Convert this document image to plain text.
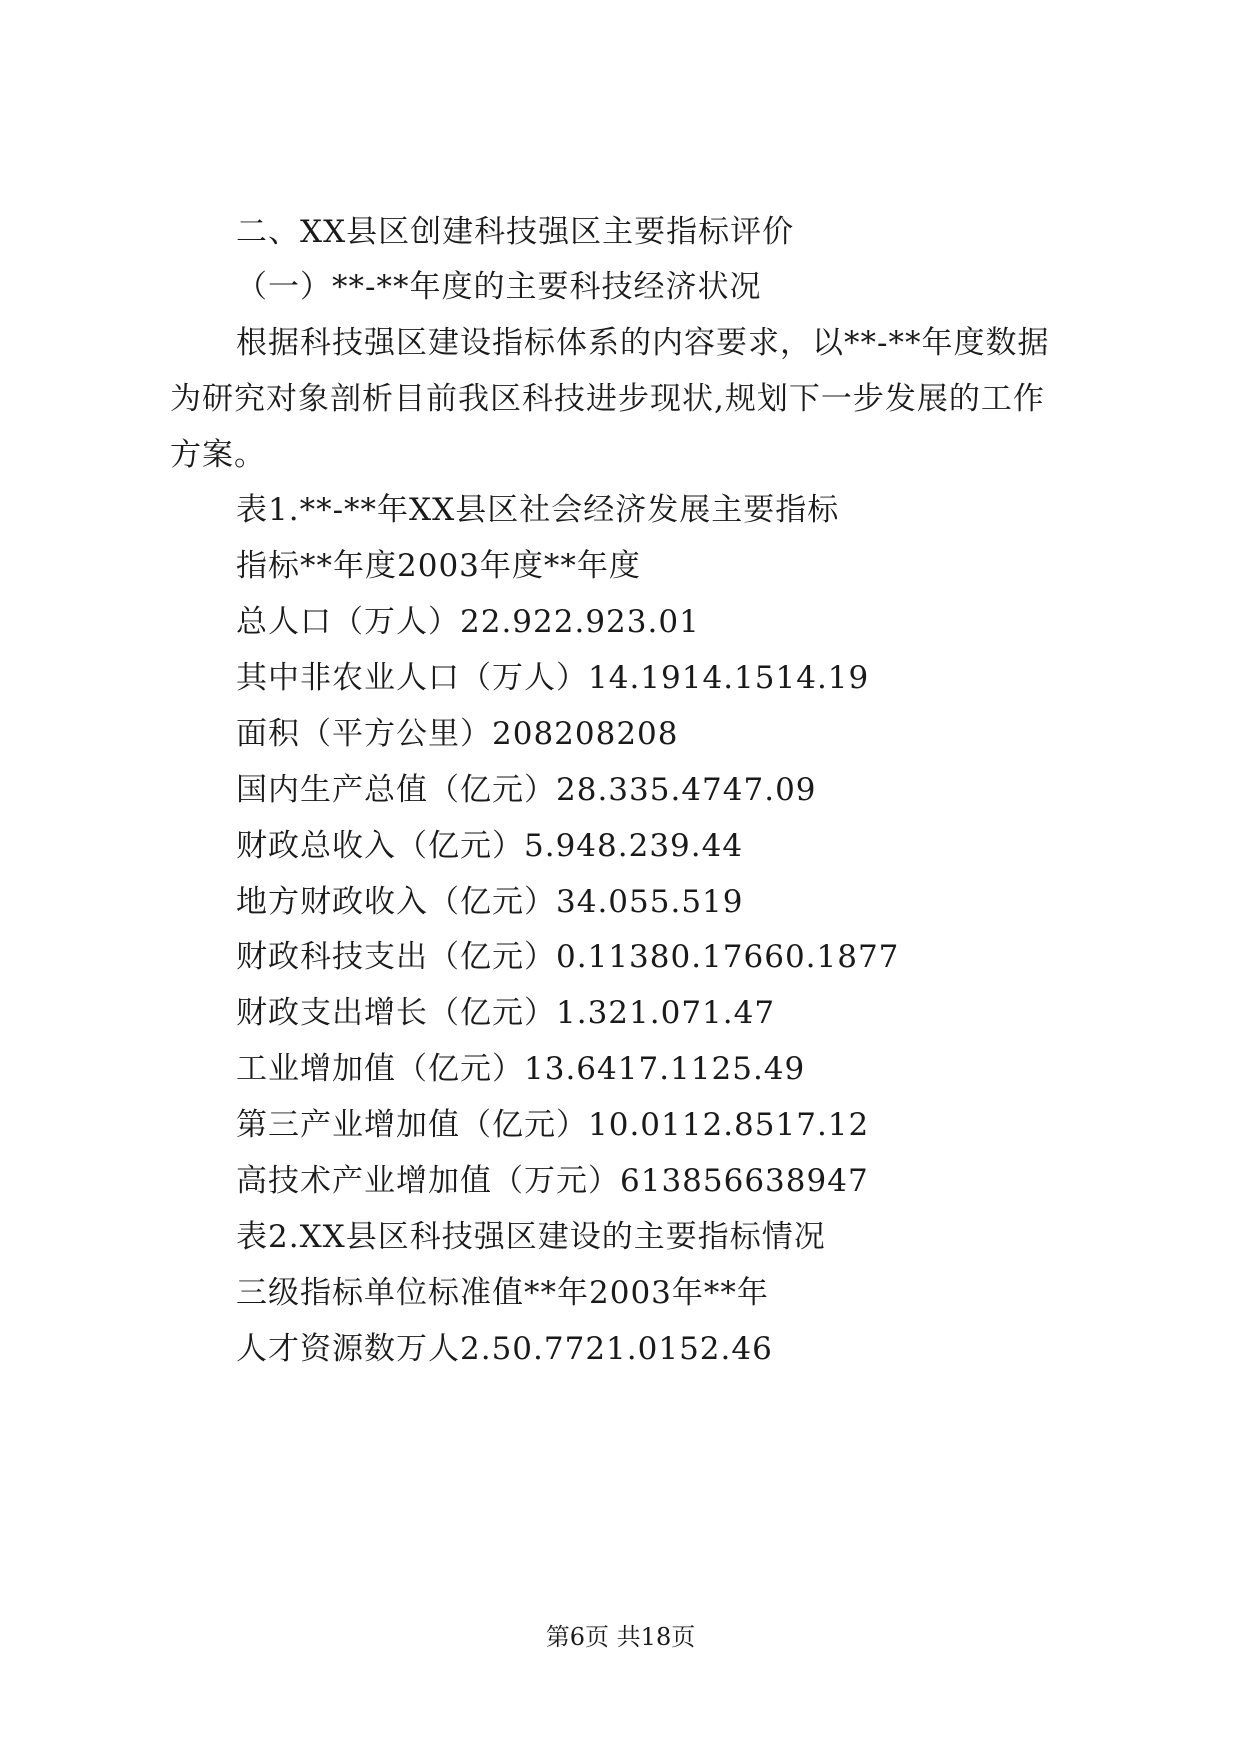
二、XX县区创建科技强区主要指标评价
（一）**-**年度的主要科技经济状况
根据科技强区建设指标体系的内容要求，以**-**年度数据
为研究对象剖析目前我区科技进步现状,规划下一步发展的工作
方案。
表1.**-**年XX县区社会经济发展主要指标
指标**年度2003年度**年度
总人口（万人）22.922.923.01
其中非农业人口（万人）14.1914.1514.19
面积（平方公里）208208208
国内生产总值（亿元）28.335.4747.09
财政总收入（亿元）5.948.239.44
地方财政收入（亿元）34.055.519
财政科技支出（亿元）0.11380.17660.1877
财政支出增长（亿元）1.321.071.47
工业增加值（亿元）13.6417.1125.49
第三产业增加值（亿元）10.0112.8517.12
高技术产业增加值（万元）613856638947
表2.XX县区科技强区建设的主要指标情况
三级指标单位标准值**年2003年**年
人才资源数万人2.50.7721.0152.46
第6页 共18页
